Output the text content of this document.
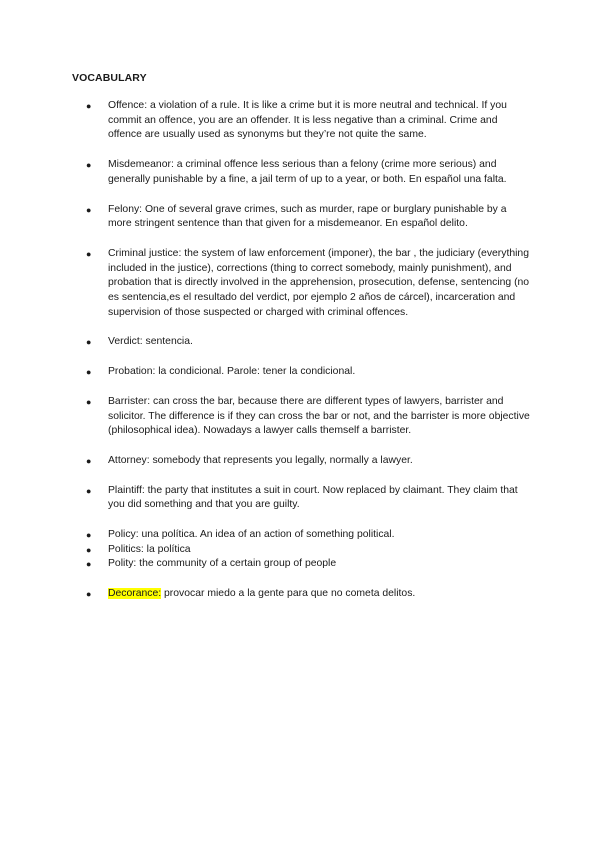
VOCABULARY
● Offence: a violation of a rule. It is like a crime but it is more neutral and technical. If you commit an offence, you are an offender. It is less negative than a criminal. Crime and offence are usually used as synonyms but they’re not quite the same.
● Misdemeanor: a criminal offence less serious than a felony (crime more serious) and generally punishable by a fine, a jail term of up to a year, or both. En español una falta.
● Felony: One of several grave crimes, such as murder, rape or burglary punishable by a more stringent sentence than that given for a misdemeanor. En español delito.
● Criminal justice: the system of law enforcement (imponer), the bar , the judiciary (everything included in the justice), corrections (thing to correct somebody, mainly punishment), and probation that is directly involved in the apprehension, prosecution, defense, sentencing (no es sentencia,es el resultado del verdict, por ejemplo 2 años de cárcel), incarceration and supervision of those suspected or charged with criminal offences.
● Verdict: sentencia.
● Probation: la condicional. Parole: tener la condicional.
● Barrister: can cross the bar, because there are different types of lawyers, barrister and solicitor. The difference is if they can cross the bar or not, and the barrister is more objective (philosophical idea). Nowadays a lawyer calls themself a barrister.
● Attorney: somebody that represents you legally, normally a lawyer.
● Plaintiff: the party that institutes a suit in court. Now replaced by claimant. They claim that you did something and that you are guilty.
● Policy: una política. An idea of an action of something political.
● Politics: la política
● Polity: the community of a certain group of people
● Decorance: provocar miedo a la gente para que no cometa delitos.
